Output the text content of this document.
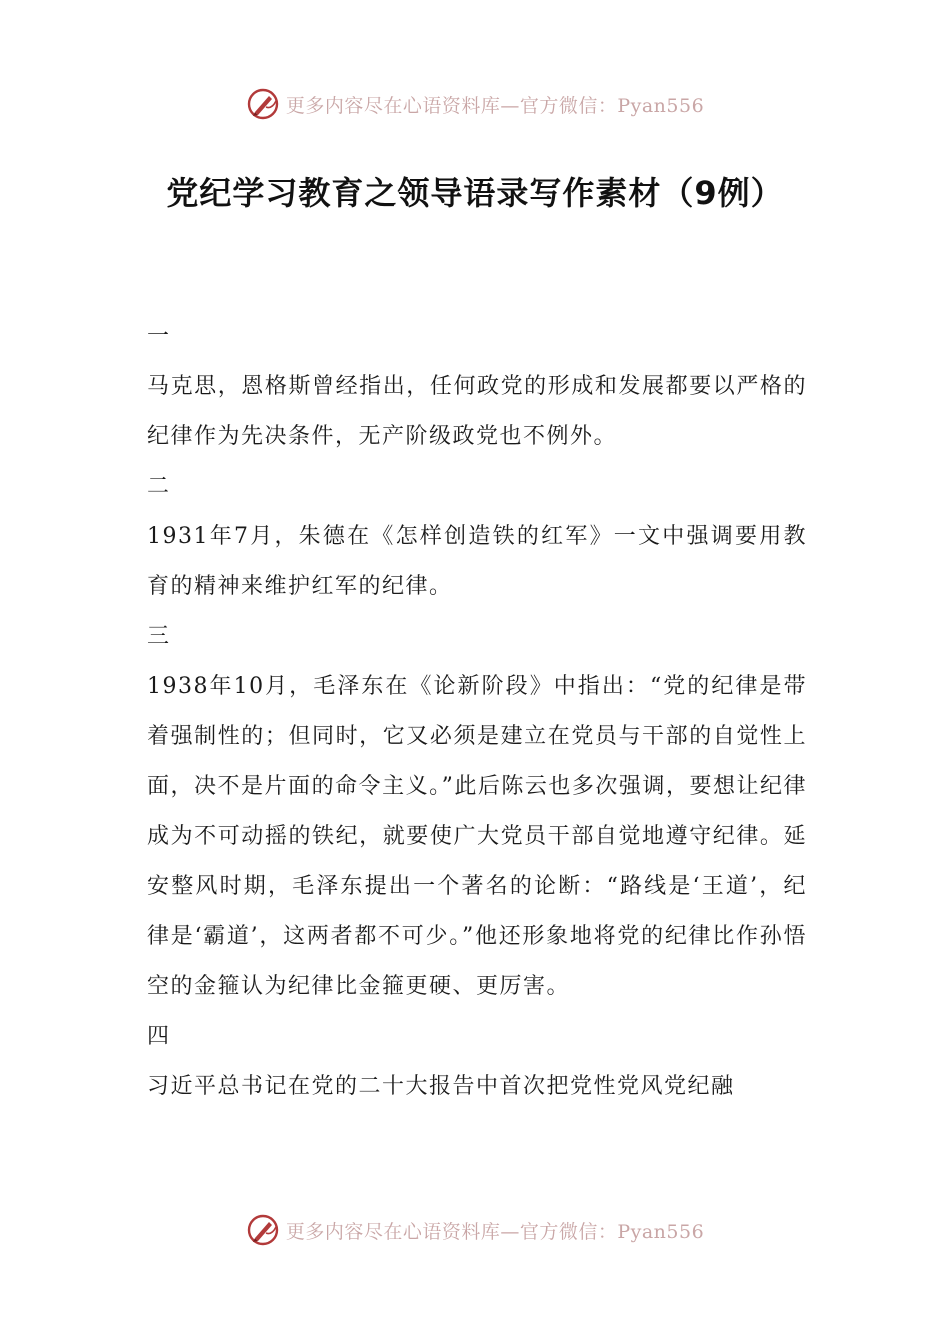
更多内容尽在心语资料库—官方微信：Pyan556
党纪学习教育之领导语录写作素材（9例）

一

马克思，恩格斯曾经指出，任何政党的形成和发展都要以严格的纪律作为先决条件，无产阶级政党也不例外。

二

1931年7月，朱德在《怎样创造铁的红军》一文中强调要用教育的精神来维护红军的纪律。

三

1938年10月，毛泽东在《论新阶段》中指出：“党的纪律是带着强制性的；但同时，它又必须是建立在党员与干部的自觉性上面，决不是片面的命令主义。”此后陈云也多次强调，要想让纪律成为不可动摇的铁纪，就要使广大党员干部自觉地遵守纪律。延安整风时期，毛泽东提出一个著名的论断：“路线是‘王道’，纪律是‘霸道’，这两者都不可少。”他还形象地将党的纪律比作孙悟空的金箍认为纪律比金箍更硬、更厉害。

四

习近平总书记在党的二十大报告中首次把党性党风党纪融

更多内容尽在心语资料库—官方微信：Pyan556
